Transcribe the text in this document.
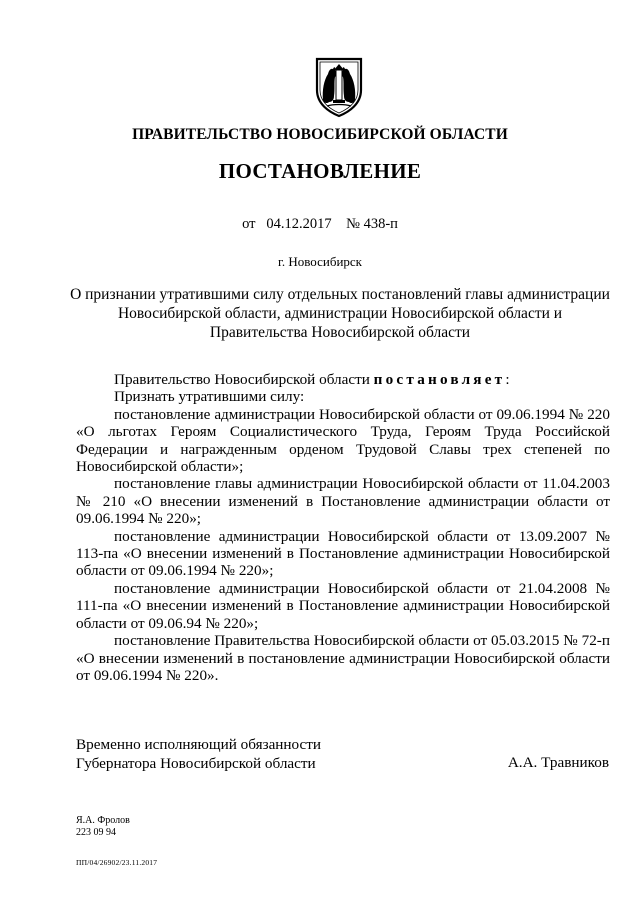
ПРАВИТЕЛЬСТВО НОВОСИБИРСКОЙ ОБЛАСТИ
ПОСТАНОВЛЕНИЕ
от 04.12.2017 № 438-п
г. Новосибирск
О признании утратившими силу отдельных постановлений главы администрации Новосибирской области, администрации Новосибирской области и Правительства Новосибирской области

Правительство Новосибирской области постановляет:

Признать утратившими силу:

постановление администрации Новосибирской области от 09.06.1994 № 220 «О льготах Героям Социалистического Труда, Героям Труда Российской Федерации и награжденным орденом Трудовой Славы трех степеней по Новосибирской области»;

постановление главы администрации Новосибирской области от 11.04.2003 № 210 «О внесении изменений в Постановление администрации области от 09.06.1994 № 220»;

постановление администрации Новосибирской области от 13.09.2007 № 113-па «О внесении изменений в Постановление администрации Новосибирской области от 09.06.1994 № 220»;

постановление администрации Новосибирской области от 21.04.2008 № 111-па «О внесении изменений в Постановление администрации Новосибирской области от 09.06.94 № 220»;

постановление Правительства Новосибирской области от 05.03.2015 № 72-п «О внесении изменений в постановление администрации Новосибирской области от 09.06.1994 № 220».

Временно исполняющий обязанности
Губернатора Новосибирской области	А.А. Травников
Я.А. Фролов
223 09 94
ПП/04/26902/23.11.2017
